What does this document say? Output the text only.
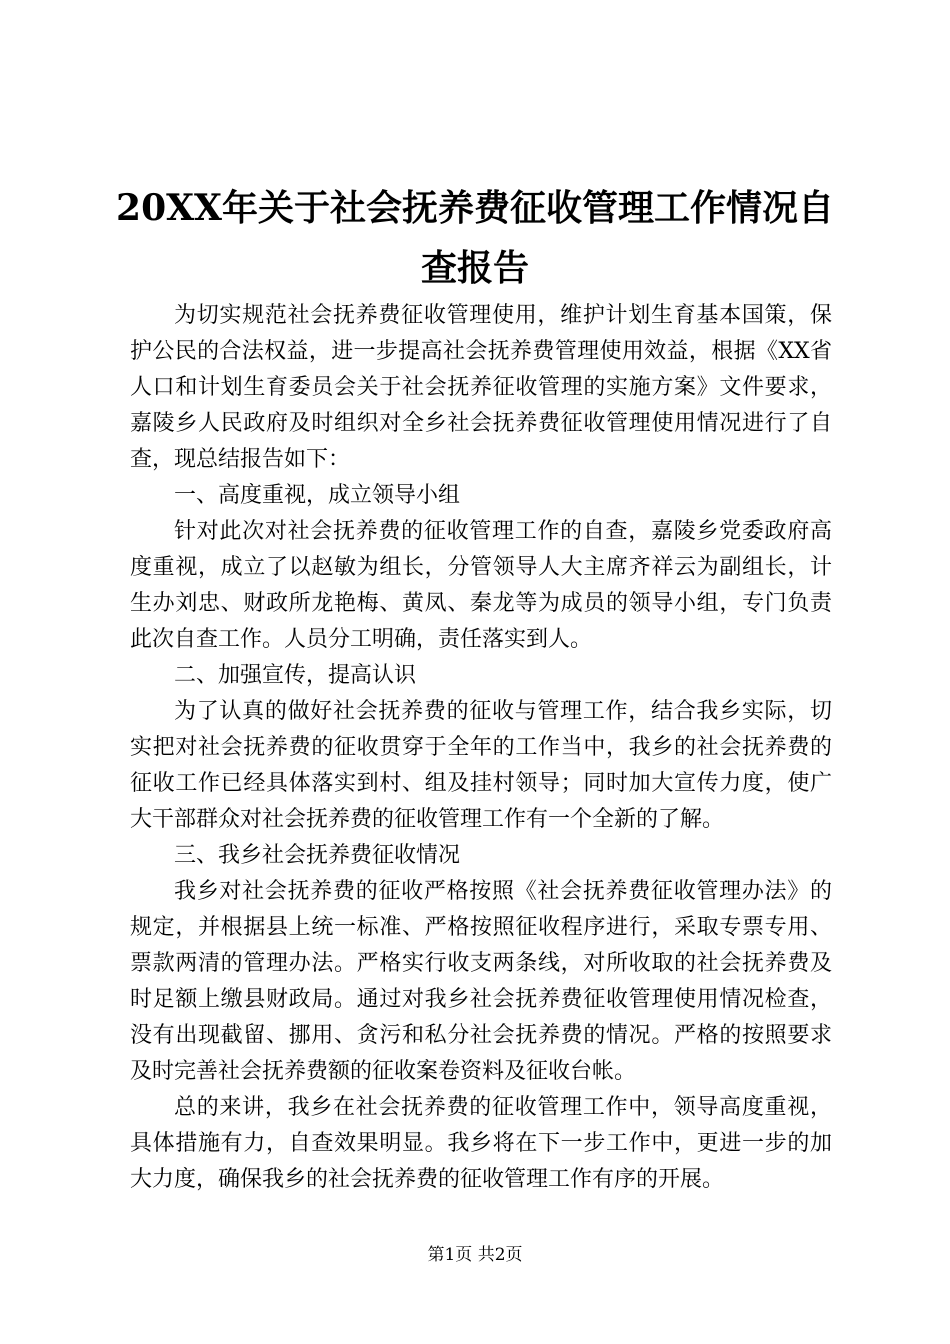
20XX年关于社会抚养费征收管理工作情况自查报告

为切实规范社会抚养费征收管理使用，维护计划生育基本国策，保护公民的合法权益，进一步提高社会抚养费管理使用效益，根据《XX省人口和计划生育委员会关于社会抚养征收管理的实施方案》文件要求，嘉陵乡人民政府及时组织对全乡社会抚养费征收管理使用情况进行了自查，现总结报告如下：

一、高度重视，成立领导小组

针对此次对社会抚养费的征收管理工作的自查，嘉陵乡党委政府高度重视，成立了以赵敏为组长，分管领导人大主席齐祥云为副组长，计生办刘忠、财政所龙艳梅、黄凤、秦龙等为成员的领导小组，专门负责此次自查工作。人员分工明确，责任落实到人。

二、加强宣传，提高认识

为了认真的做好社会抚养费的征收与管理工作，结合我乡实际，切实把对社会抚养费的征收贯穿于全年的工作当中，我乡的社会抚养费的征收工作已经具体落实到村、组及挂村领导；同时加大宣传力度，使广大干部群众对社会抚养费的征收管理工作有一个全新的了解。

三、我乡社会抚养费征收情况

我乡对社会抚养费的征收严格按照《社会抚养费征收管理办法》的规定，并根据县上统一标准、严格按照征收程序进行，采取专票专用、票款两清的管理办法。严格实行收支两条线，对所收取的社会抚养费及时足额上缴县财政局。通过对我乡社会抚养费征收管理使用情况检查，没有出现截留、挪用、贪污和私分社会抚养费的情况。严格的按照要求及时完善社会抚养费额的征收案卷资料及征收台帐。

总的来讲，我乡在社会抚养费的征收管理工作中，领导高度重视，具体措施有力，自查效果明显。我乡将在下一步工作中，更进一步的加大力度，确保我乡的社会抚养费的征收管理工作有序的开展。

第1页 共2页
